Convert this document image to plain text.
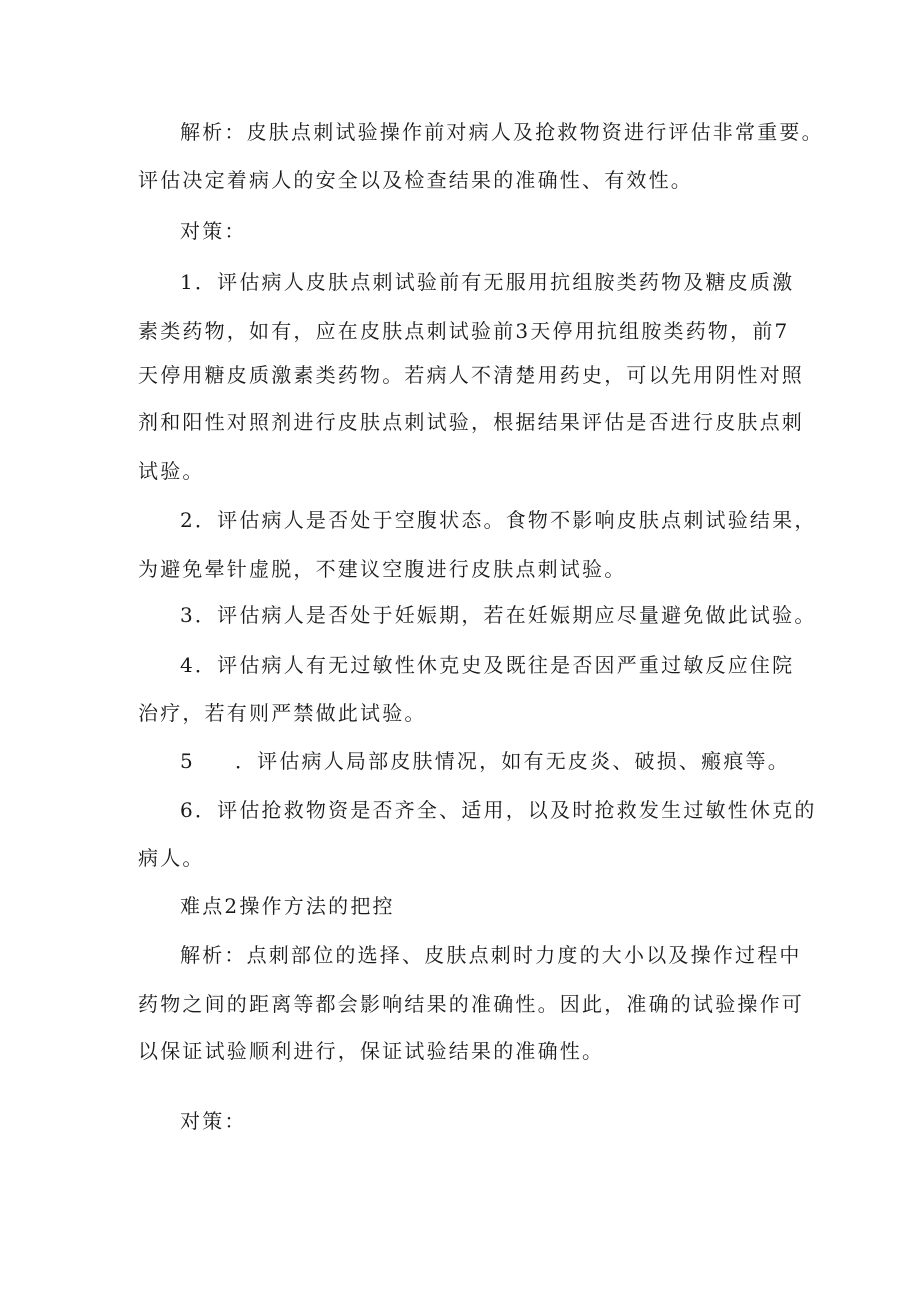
解析：皮肤点刺试验操作前对病人及抢救物资进行评估非常重要。

评估决定着病人的安全以及检查结果的准确性、有效性。

对策：

1．评估病人皮肤点刺试验前有无服用抗组胺类药物及糖皮质激

素类药物，如有，应在皮肤点刺试验前3天停用抗组胺类药物，前7

天停用糖皮质激素类药物。若病人不清楚用药史，可以先用阴性对照

剂和阳性对照剂进行皮肤点刺试验，根据结果评估是否进行皮肤点刺

试验。

2．评估病人是否处于空腹状态。食物不影响皮肤点刺试验结果，

为避免晕针虚脱，不建议空腹进行皮肤点刺试验。

3．评估病人是否处于妊娠期，若在妊娠期应尽量避免做此试验。

4．评估病人有无过敏性休克史及既往是否因严重过敏反应住院

治疗，若有则严禁做此试验。

5 ．评估病人局部皮肤情况，如有无皮炎、破损、瘢痕等。

6．评估抢救物资是否齐全、适用，以及时抢救发生过敏性休克的

病人。

难点2操作方法的把控

解析：点刺部位的选择、皮肤点刺时力度的大小以及操作过程中

药物之间的距离等都会影响结果的准确性。因此，准确的试验操作可

以保证试验顺利进行，保证试验结果的准确性。

对策：
